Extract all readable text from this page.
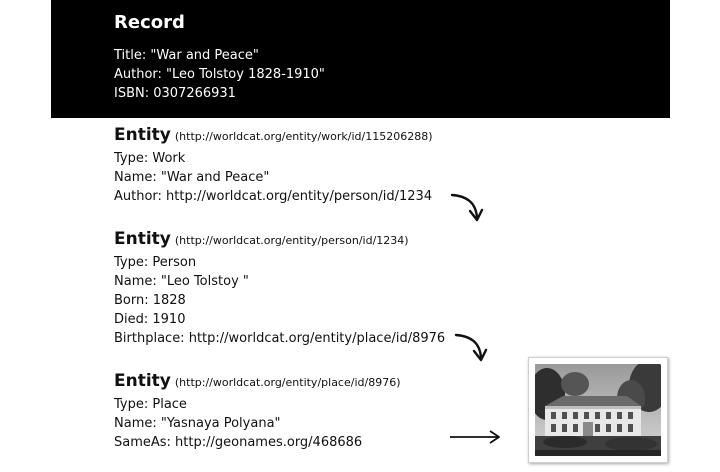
Record
Title: "War and Peace"
Author: "Leo Tolstoy 1828-1910"
ISBN: 0307266931
Entity (http://worldcat.org/entity/work/id/115206288)
Type: Work
Name: "War and Peace"
Author: http://worldcat.org/entity/person/id/1234
Entity (http://worldcat.org/entity/person/id/1234)
Type: Person
Name: "Leo Tolstoy "
Born: 1828
Died: 1910
Birthplace: http://worldcat.org/entity/place/id/8976
Entity (http://worldcat.org/entity/place/id/8976)
Type: Place
Name: "Yasnaya Polyana"
SameAs: http://geonames.org/468686
